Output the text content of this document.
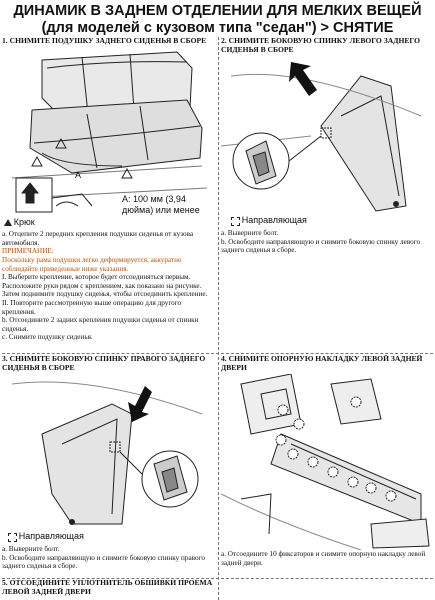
ДИНАМИК В ЗАДНЕМ ОТДЕЛЕНИИ ДЛЯ МЕЛКИХ ВЕЩЕЙ
(для моделей с кузовом типа "седан") > СНЯТИЕ
1. СНИМИТЕ ПОДУШКУ ЗАДНЕГО СИДЕНЬЯ В СБОРЕ
A
A: 100 мм (3,94 дюйма) или менее
Крюк

a. Отцепите 2 передних крепления подушки сиденья от кузова автомобиля.

ПРИМЕЧАНИЕ:

Поскольку рама подушки легко деформируется, аккуратно соблюдайте приведенные ниже указания.

I. Выберите крепление, которое будет отсоединяться первым. Расположите руки рядом с креплением, как показано на рисунке. Затем поднимите подушку сиденья, чтобы отсоединить крепление.

II. Повторите рассмотренную выше операцию для другого крепления.

b. Отсоедините 2 задних крепления подушки сиденья от спинки сиденья.

c. Снимите подушку сиденья.

2. СНИМИТЕ БОКОВУЮ СПИНКУ ЛЕВОГО ЗАДНЕГО СИДЕНЬЯ В СБОРЕ
Направляющая

a. Выверните болт.

b. Освободите направляющую и снимите боковую спинку левого заднего сиденья в сборе.

3. СНИМИТЕ БОКОВУЮ СПИНКУ ПРАВОГО ЗАДНЕГО СИДЕНЬЯ В СБОРЕ
Направляющая

a. Выверните болт.

b. Освободите направляющую и снимите боковую спинку правого заднего сиденья в сборе.

4. СНИМИТЕ ОПОРНУЮ НАКЛАДКУ ЛЕВОЙ ЗАДНЕЙ ДВЕРИ

a. Отсоедините 10 фиксаторов и снимите опорную накладку левой задней двери.

5. ОТСОЕДИНИТЕ УПЛОТНИТЕЛЬ ОБШИВКИ ПРОЕМА ЛЕВОЙ ЗАДНЕЙ ДВЕРИ
